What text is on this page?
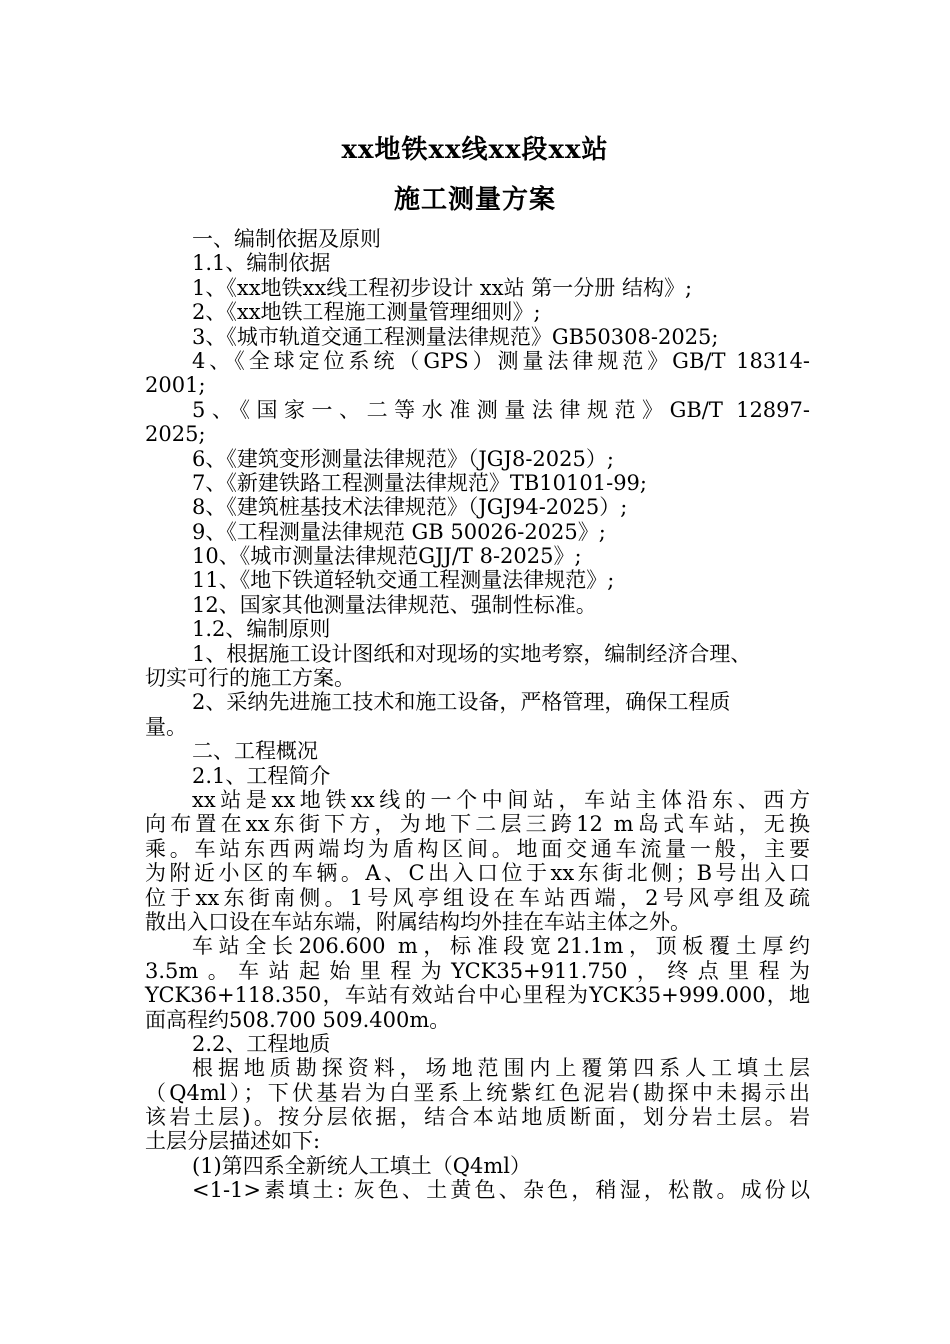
xx地铁xx线xx段xx站
施工测量方案
一、编制依据及原则
1.1、编制依据
1、《xx地铁xx线工程初步设计 xx站 第一分册 结构》;
2、《xx地铁工程施工测量管理细则》;
3、《城市轨道交通工程测量法律规范》GB50308-2025;
4、《全球定位系统（GPS）测量法律规范》GB/T 18314-
2001;
5、《国家一、二等水准测量法律规范》GB/T 12897-
2025;
6、《建筑变形测量法律规范》（JGJ8-2025）;
7、《新建铁路工程测量法律规范》TB10101-99;
8、《建筑桩基技术法律规范》（JGJ94-2025）;
9、《工程测量法律规范 GB 50026-2025》;
10、《城市测量法律规范GJJ/T 8-2025》;
11、《地下铁道轻轨交通工程测量法律规范》;
12、国家其他测量法律规范、强制性标准。
1.2、编制原则
1、根据施工设计图纸和对现场的实地考察，编制经济合理、
切实可行的施工方案。
2、采纳先进施工技术和施工设备，严格管理，确保工程质
量。
二、工程概况
2.1、工程简介
xx站是xx地铁xx线的一个中间站，车站主体沿东、西方
向布置在xx东街下方，为地下二层三跨12 m岛式车站，无换
乘。车站东西两端均为盾构区间。地面交通车流量一般，主要
为附近小区的车辆。A、C出入口位于xx东街北侧；B号出入口
位于xx东街南侧。1号风亭组设在车站西端，2号风亭组及疏
散出入口设在车站东端，附属结构均外挂在车站主体之外。
车站全长206.600 m，标准段宽21.1m，顶板覆土厚约
3.5m。车站起始里程为YCK35+911.750，终点里程为
YCK36+118.350，车站有效站台中心里程为YCK35+999.000，地
面高程约508.700 509.400m。
2.2、工程地质
根据地质勘探资料，场地范围内上覆第四系人工填土层
（Q4ml）；下伏基岩为白垩系上统紫红色泥岩(勘探中未揭示出
该岩土层)。按分层依据，结合本站地质断面，划分岩土层。岩
土层分层描述如下:
(1)第四系全新统人工填土（Q4ml）
<1-1>素填土: 灰色、土黄色、杂色，稍湿，松散。成份以
